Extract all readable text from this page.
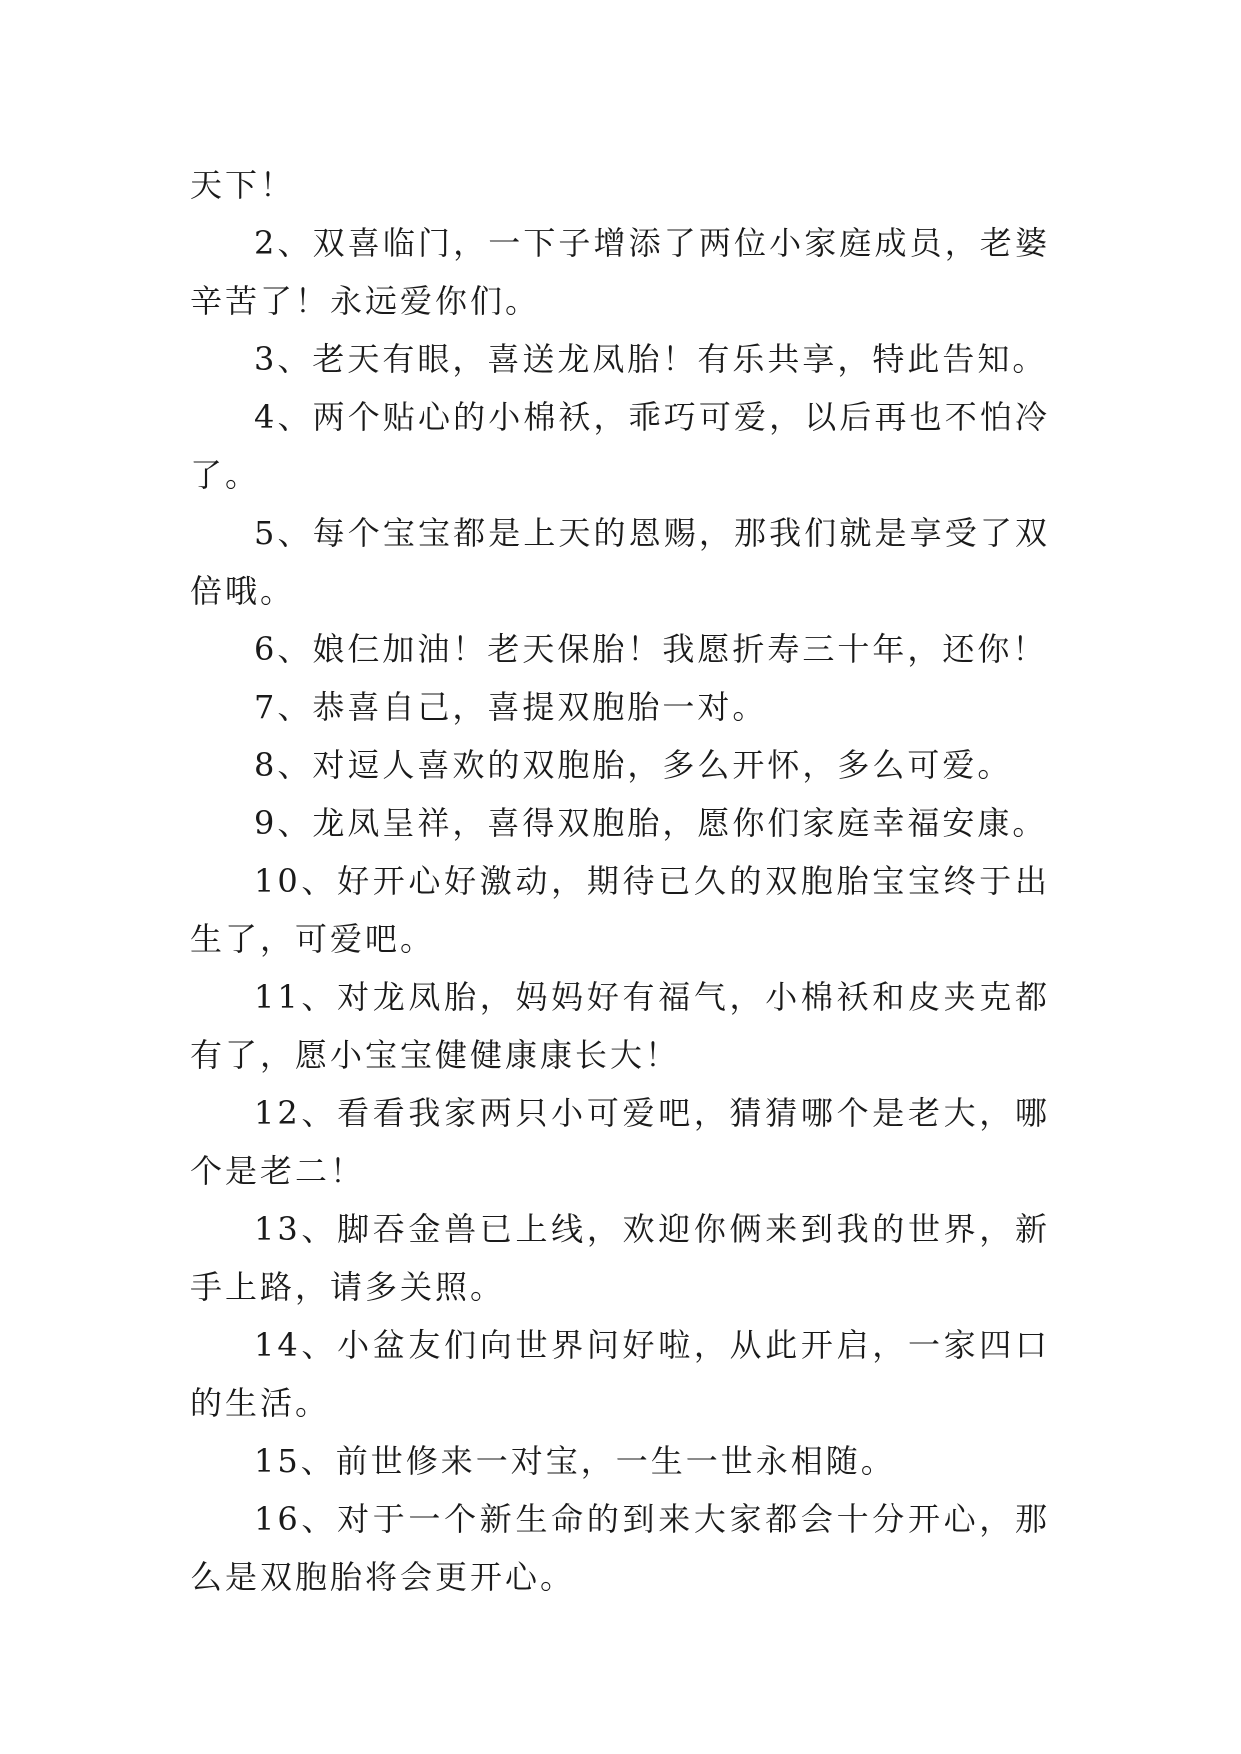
天下！

2、双喜临门，一下子增添了两位小家庭成员，老婆辛苦了！永远爱你们。

3、老天有眼，喜送龙凤胎！有乐共享，特此告知。

4、两个贴心的小棉袄，乖巧可爱，以后再也不怕冷了。

5、每个宝宝都是上天的恩赐，那我们就是享受了双倍哦。

6、娘仨加油！老天保胎！我愿折寿三十年，还你！

7、恭喜自己，喜提双胞胎一对。

8、对逗人喜欢的双胞胎，多么开怀，多么可爱。

9、龙凤呈祥，喜得双胞胎，愿你们家庭幸福安康。

10、好开心好激动，期待已久的双胞胎宝宝终于出生了，可爱吧。

11、对龙凤胎，妈妈好有福气，小棉袄和皮夹克都有了，愿小宝宝健健康康长大！

12、看看我家两只小可爱吧，猜猜哪个是老大，哪个是老二！

13、脚吞金兽已上线，欢迎你俩来到我的世界，新手上路，请多关照。

14、小盆友们向世界问好啦，从此开启，一家四口的生活。

15、前世修来一对宝，一生一世永相随。

16、对于一个新生命的到来大家都会十分开心，那么是双胞胎将会更开心。
